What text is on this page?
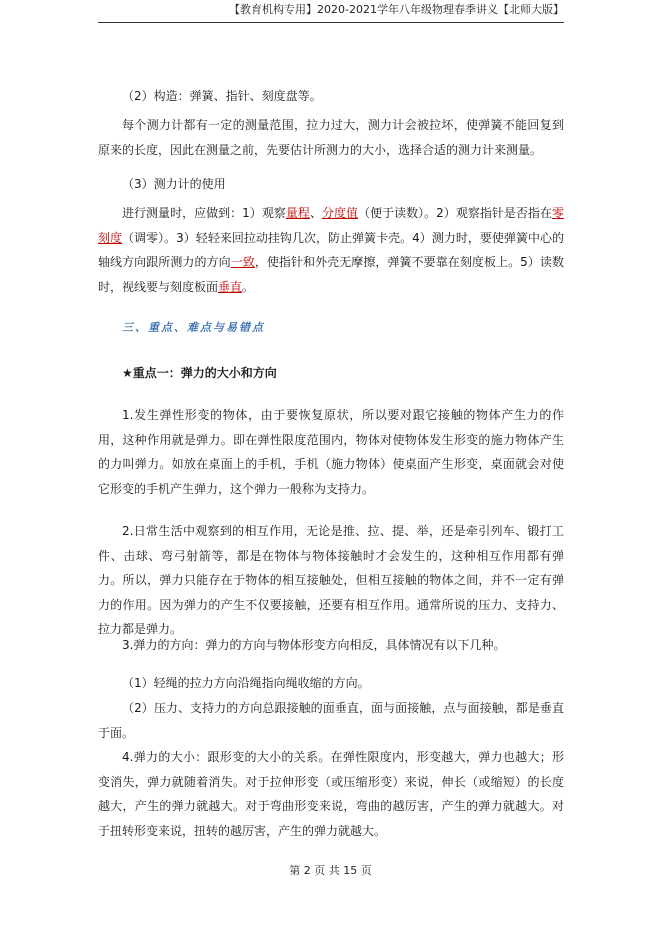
【教育机构专用】2020-2021学年八年级物理春季讲义【北师大版】

（2）构造：弹簧、指针、刻度盘等。

每个测力计都有一定的测量范围，拉力过大，测力计会被拉坏，使弹簧不能回复到原来的长度，因此在测量之前，先要估计所测力的大小，选择合适的测力计来测量。

（3）测力计的使用

进行测量时，应做到：1）观察量程、分度值（便于读数）。2）观察指针是否指在零刻度（调零）。3）轻轻来回拉动挂钩几次，防止弹簧卡壳。4）测力时，要使弹簧中心的轴线方向跟所测力的方向一致，使指针和外壳无摩擦，弹簧不要靠在刻度板上。5）读数时，视线要与刻度板面垂直。

三、重点、难点与易错点

★重点一：弹力的大小和方向

1.发生弹性形变的物体，由于要恢复原状，所以要对跟它接触的物体产生力的作用，这种作用就是弹力。即在弹性限度范围内，物体对使物体发生形变的施力物体产生的力叫弹力。如放在桌面上的手机，手机（施力物体）使桌面产生形变，桌面就会对使它形变的手机产生弹力，这个弹力一般称为支持力。

2.日常生活中观察到的相互作用，无论是推、拉、提、举，还是牵引列车、锻打工件、击球、弯弓射箭等，都是在物体与物体接触时才会发生的，这种相互作用都有弹力。所以，弹力只能存在于物体的相互接触处，但相互接触的物体之间，并不一定有弹力的作用。因为弹力的产生不仅要接触，还要有相互作用。通常所说的压力、支持力、拉力都是弹力。

3.弹力的方向：弹力的方向与物体形变方向相反，具体情况有以下几种。

（1）轻绳的拉力方向沿绳指向绳收缩的方向。

（2）压力、支持力的方向总跟接触的面垂直，面与面接触，点与面接触，都是垂直于面。

4.弹力的大小：跟形变的大小的关系。在弹性限度内，形变越大，弹力也越大；形变消失，弹力就随着消失。对于拉伸形变（或压缩形变）来说，伸长（或缩短）的长度越大，产生的弹力就越大。对于弯曲形变来说，弯曲的越厉害，产生的弹力就越大。对于扭转形变来说，扭转的越厉害，产生的弹力就越大。

第 2 页 共 15 页
